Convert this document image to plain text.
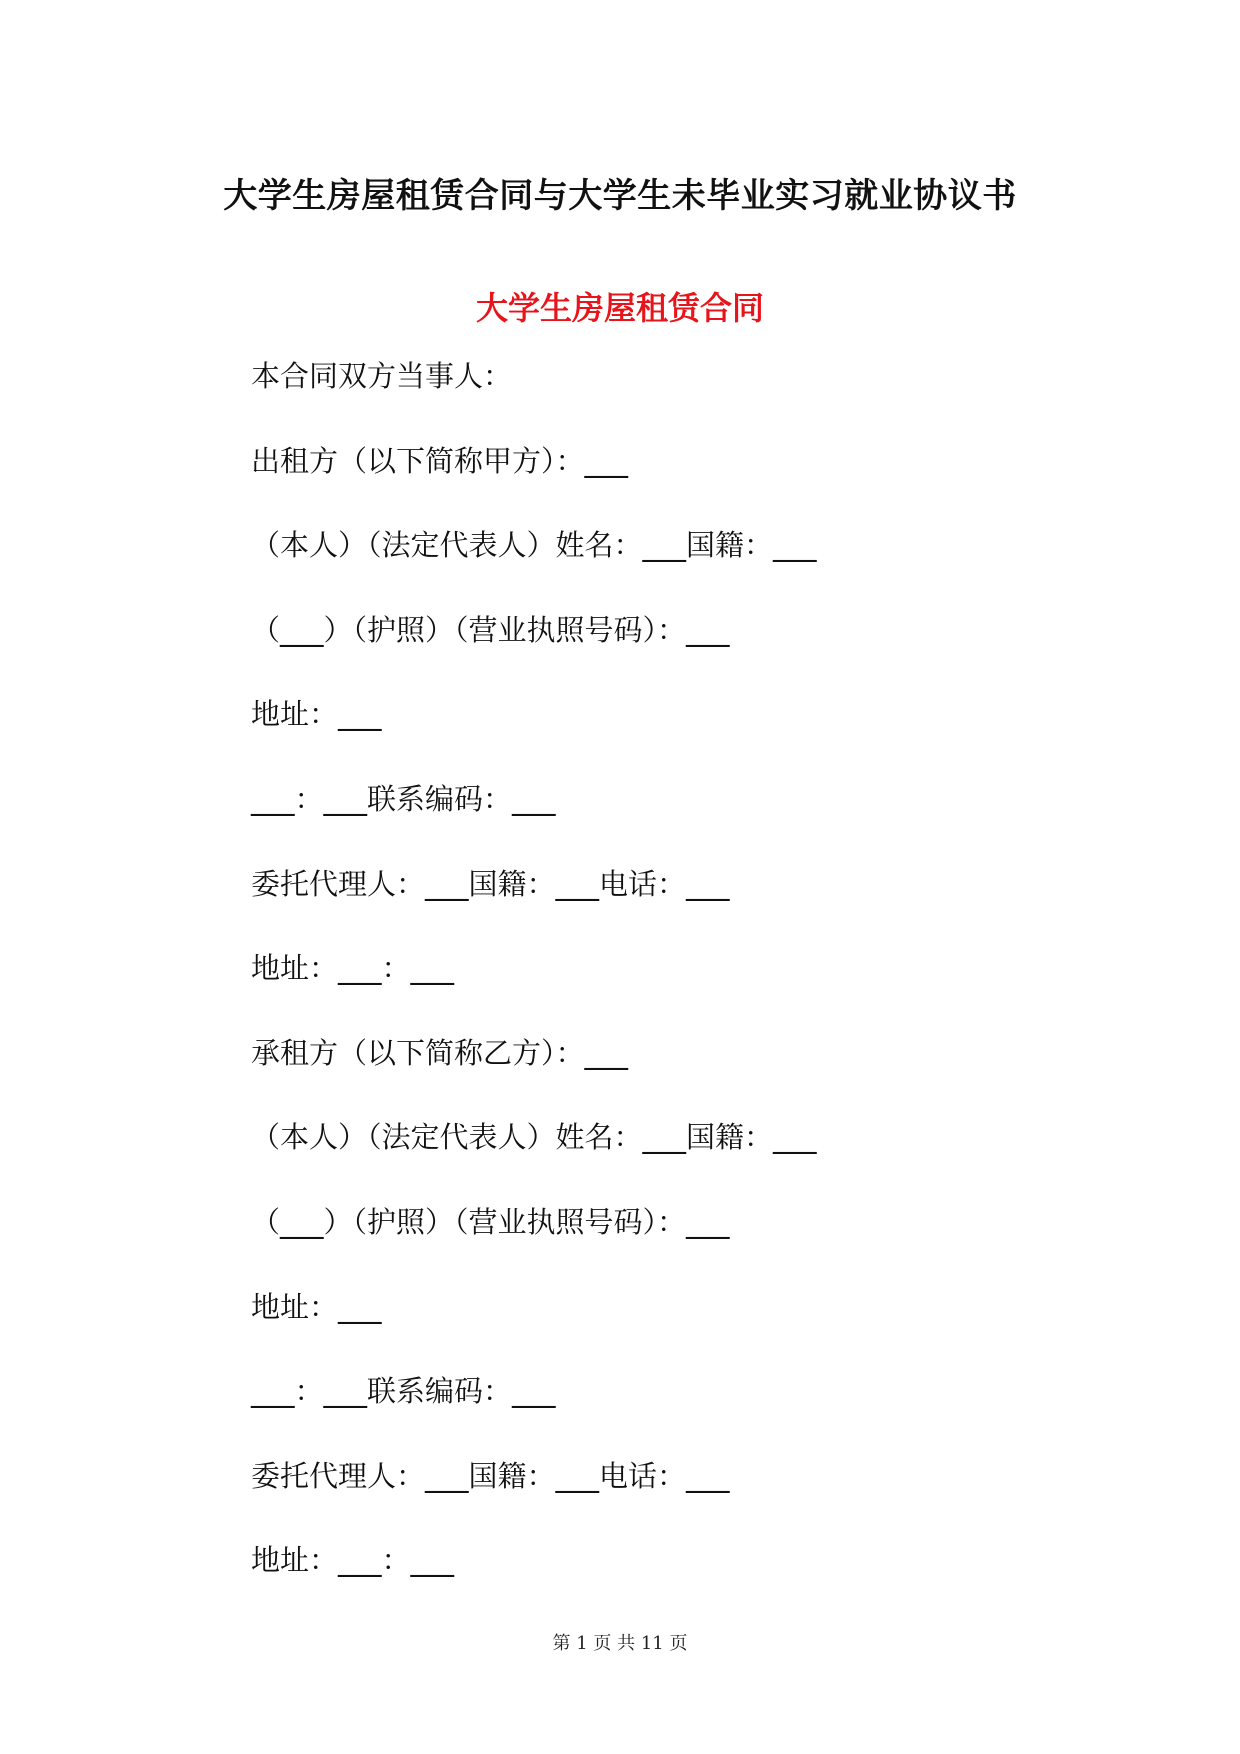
大学生房屋租赁合同与大学生未毕业实习就业协议书
大学生房屋租赁合同
本合同双方当事人：
出租方（以下简称甲方）：___
（本人）（法定代表人）姓名：___国籍：___
（___）（护照）（营业执照号码）：___
地址：___
___：___联系编码：___
委托代理人：___国籍：___电话：___
地址：___：___
承租方（以下简称乙方）：___
（本人）（法定代表人）姓名：___国籍：___
（___）（护照）（营业执照号码）：___
地址：___
___：___联系编码：___
委托代理人：___国籍：___电话：___
地址：___：___
第 1 页 共 11 页
